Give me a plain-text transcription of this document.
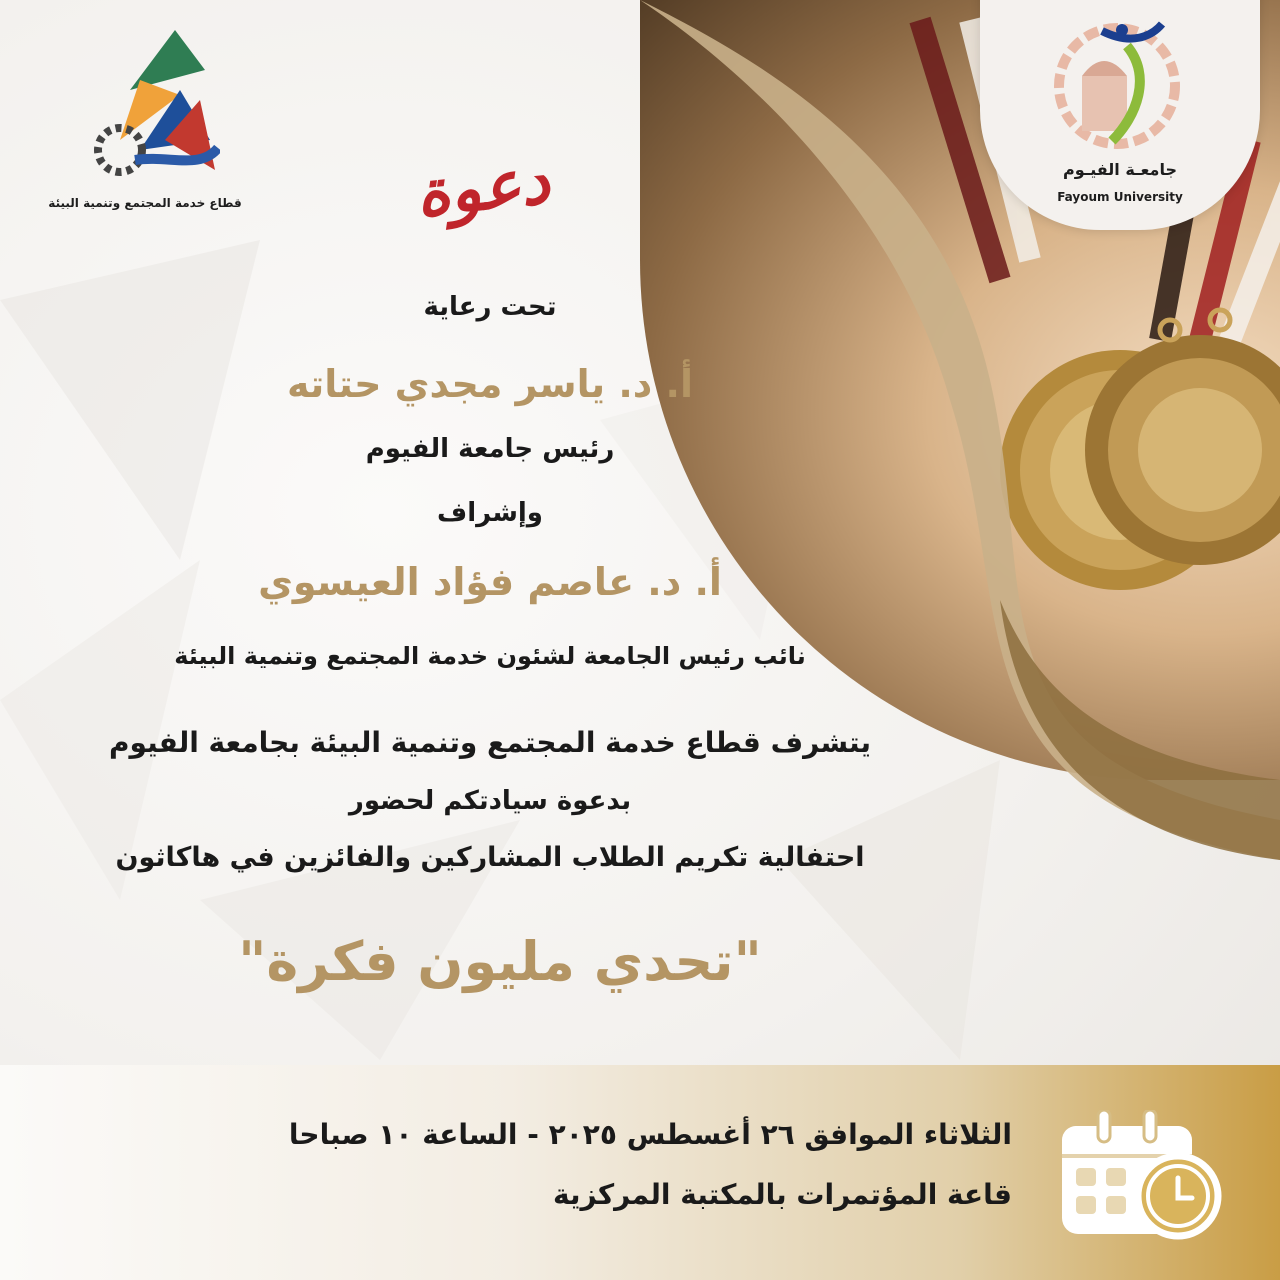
قطاع خدمة المجتمع وتنمية البيئة
جامعـة الفيـوم
Fayoum University
دعوة
تحت رعاية
أ. د. ياسر مجدي حتاته
رئيس جامعة الفيوم
وإشراف
أ. د. عاصم فؤاد العيسوي
نائب رئيس الجامعة لشئون خدمة المجتمع وتنمية البيئة
يتشرف قطاع خدمة المجتمع وتنمية البيئة بجامعة الفيوم
بدعوة سيادتكم لحضور
احتفالية تكريم الطلاب المشاركين والفائزين في هاكاثون
"تحدي مليون فكرة"
الثلاثاء الموافق ٢٦ أغسطس ٢٠٢٥ - الساعة ١٠ صباحا
قاعة المؤتمرات بالمكتبة المركزية
